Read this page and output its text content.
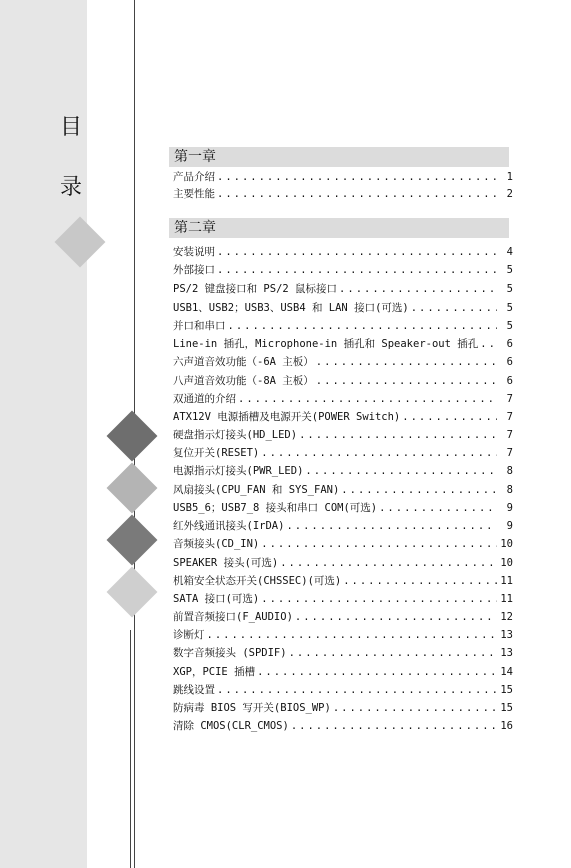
目
录
第一章
产品介绍 .....	1
主要性能 .....	2
第二章
安装说明 .....	4
外部接口 .....	5
PS/2 键盘接口和 PS/2 鼠标接口 .....	5
USB1、USB2；USB3、USB4 和 LAN 接口(可选) .....	5
并口和串口 .....	5
Line-in 插孔，Microphone-in 插孔和 Speaker-out 插孔 .....	6
六声道音效功能（-6A 主板） .....	6
八声道音效功能（-8A 主板） .....	6
双通道的介绍 .....	7
ATX12V 电源插槽及电源开关(POWER Switch) .....	7
硬盘指示灯接头(HD_LED) .....	7
复位开关(RESET) .....	7
电源指示灯接头(PWR_LED) .....	8
风扇接头(CPU_FAN 和 SYS_FAN) .....	8
USB5_6；USB7_8 接头和串口 COM(可选) .....	9
红外线通讯接头(IrDA) .....	9
音频接头(CD_IN) .....	10
SPEAKER 接头(可选) .....	10
机箱安全状态开关(CHSSEC)(可选) .....	11
SATA 接口(可选) .....	11
前置音频接口(F_AUDIO) .....	12
诊断灯 .....	13
数字音频接头 (SPDIF) .....	13
XGP，PCIE 插槽 .....	14
跳线设置 .....	15
防病毒 BIOS 写开关(BIOS_WP) .....	15
清除 CMOS(CLR_CMOS) .....	16
